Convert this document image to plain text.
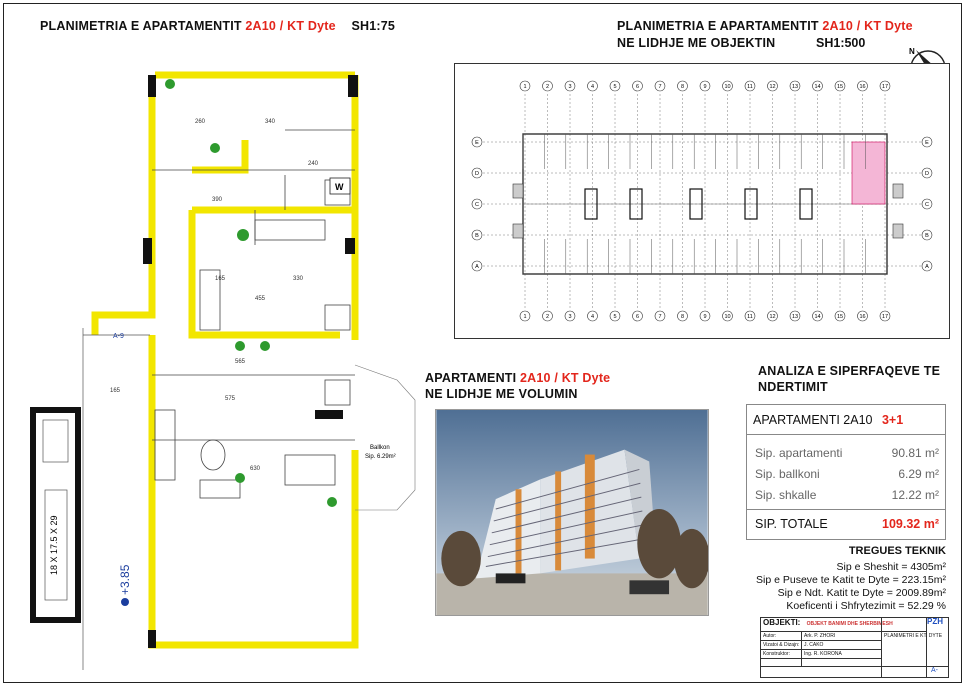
PLANIMETRIA E APARTAMENTIT 2A10 / KT Dyte SH1:75	PLANIMETRIA E APARTAMENTIT 2A10 / KT Dyte
NE LIDHJE ME OBJEKTIN	SH1:500
N
1
1
2
2
3
3
4
4
5
5
6
6
7
7
8
8
9
9
10
10
11
11
12
12
13
13
14
14
15
15
16
16
17
17
E	E
D	D
C	C
B	B
A	A
260	340
240
390
165	330
455
565
575
630
165
W
A-9
Ballkon
Sip. 6.29m²
18 X 17.5 X 29
+3.85
APARTAMENTI 2A10 / KT Dyte
NE LIDHJE ME VOLUMIN
ANALIZA E SIPERFAQEVE TE
NDERTIMIT
APARTAMENTI 2A10 3+1
Sip. apartamenti	90.81 m²
Sip. ballkoni	6.29 m²
Sip. shkalle	12.22 m²
SIP. TOTALE	109.32 m²
TREGUES TEKNIK
Sip e Sheshit = 4305m²
Sip e Puseve te Katit te Dyte = 223.15m²
Sip e Ndt. Katit te Dyte = 2009.89m²
Koeficenti i Shfrytezimit = 52.29 %
OBJEKTI: OBJEKT BANIMI DHE SHERBIMESH	PZH
Autor:	Ark. P. ZHORI
Vizatoi & Dizajn: J. CAKO
Konstruktor:	Ing. R. KORONA
PLANIMETRI E KT. DYTE
A-
